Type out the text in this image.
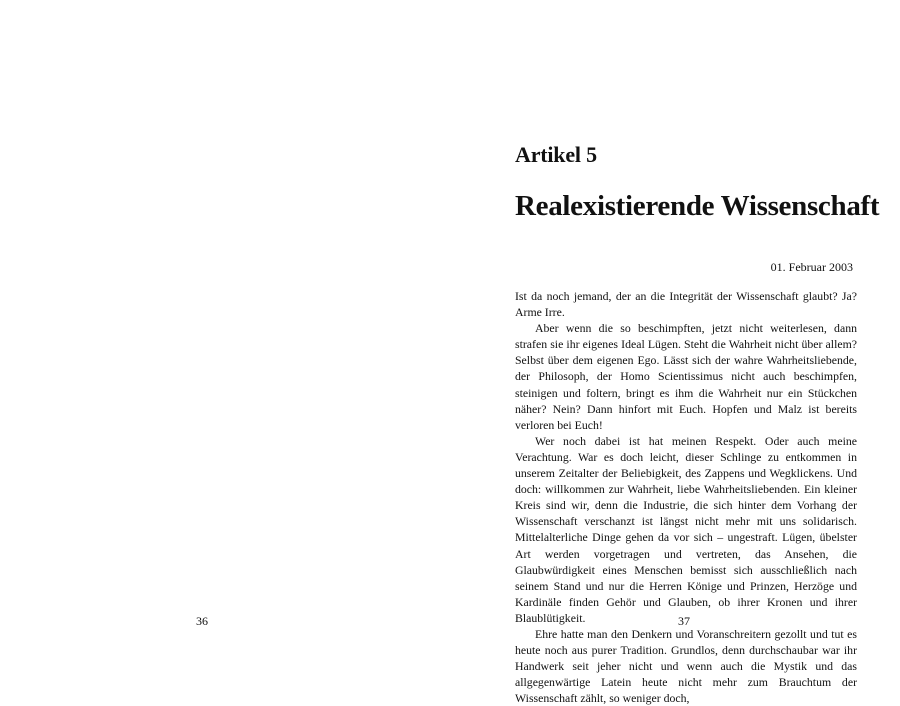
36
Artikel 5
Realexistierende Wissenschaft
01. Februar 2003

Ist da noch jemand, der an die Integrität der Wissenschaft glaubt? Ja? Arme Irre.

Aber wenn die so beschimpften, jetzt nicht weiterlesen, dann strafen sie ihr eigenes Ideal Lügen. Steht die Wahrheit nicht über allem? Selbst über dem eigenen Ego. Lässt sich der wahre Wahrheitsliebende, der Philosoph, der Homo Scientissimus nicht auch beschimpfen, steinigen und foltern, bringt es ihm die Wahrheit nur ein Stückchen näher? Nein? Dann hinfort mit Euch. Hopfen und Malz ist bereits verloren bei Euch!

Wer noch dabei ist hat meinen Respekt. Oder auch meine Verachtung. War es doch leicht, dieser Schlinge zu entkommen in unserem Zeitalter der Beliebigkeit, des Zappens und Wegklickens. Und doch: willkommen zur Wahrheit, liebe Wahrheitsliebenden. Ein kleiner Kreis sind wir, denn die Industrie, die sich hinter dem Vorhang der Wissenschaft verschanzt ist längst nicht mehr mit uns solidarisch. Mittelalterliche Dinge gehen da vor sich – ungestraft. Lügen, übelster Art werden vorgetragen und vertreten, das Ansehen, die Glaubwürdigkeit eines Menschen bemisst sich ausschließlich nach seinem Stand und nur die Herren Könige und Prinzen, Herzöge und Kardinäle finden Gehör und Glauben, ob ihrer Kronen und ihrer Blaublütigkeit.

Ehre hatte man den Denkern und Voranschreitern gezollt und tut es heute noch aus purer Tradition. Grundlos, denn durchschaubar war ihr Handwerk seit jeher nicht und wenn auch die Mystik und das allgegenwärtige Latein heute nicht mehr zum Brauchtum der Wissenschaft zählt, so weniger doch,

37
